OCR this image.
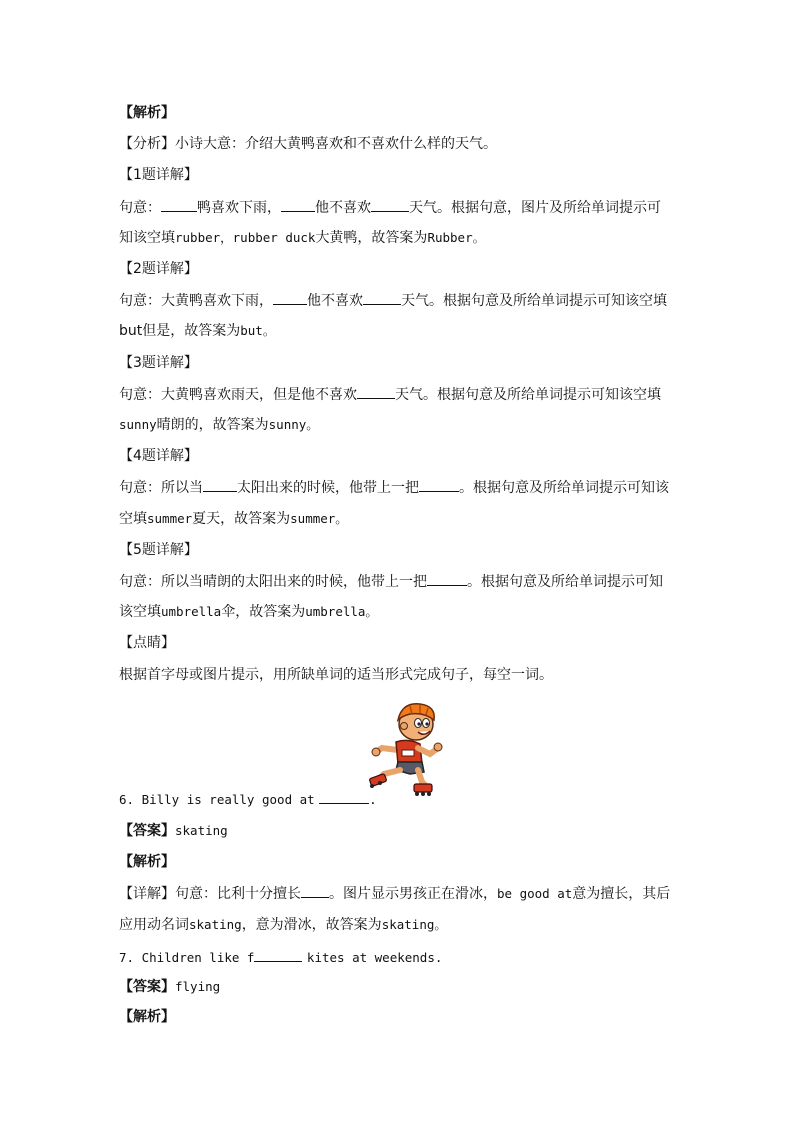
【解析】
【分析】小诗大意：介绍大黄鸭喜欢和不喜欢什么样的天气。
【1题详解】
句意：	鸭喜欢下雨， 他不喜欢	天气。根据句意，图片及所给单词提示可
知该空填rubber，rubber duck大黄鸭，故答案为Rubber。
【2题详解】
句意：大黄鸭喜欢下雨， 他不喜欢	天气。根据句意及所给单词提示可知该空填
but但是，故答案为but。
【3题详解】
句意：大黄鸭喜欢雨天，但是他不喜欢	天气。根据句意及所给单词提示可知该空填
sunny晴朗的，故答案为sunny。
【4题详解】
句意：所以当 太阳出来的时候，他带上一把	。根据句意及所给单词提示可知该
空填summer夏天，故答案为summer。
【5题详解】
句意：所以当晴朗的太阳出来的时候，他带上一把	。根据句意及所给单词提示可知
该空填umbrella伞，故答案为umbrella。
【点睛】
根据首字母或图片提示，用所缺单词的适当形式完成句子，每空一词。
6. Billy is really good at	.
【答案】skating
【解析】
【详解】句意：比利十分擅长 。图片显示男孩正在滑冰，be good at意为擅长，其后
应用动名词skating，意为滑冰，故答案为skating。
7. Children like f	kites at weekends.
【答案】flying
【解析】
